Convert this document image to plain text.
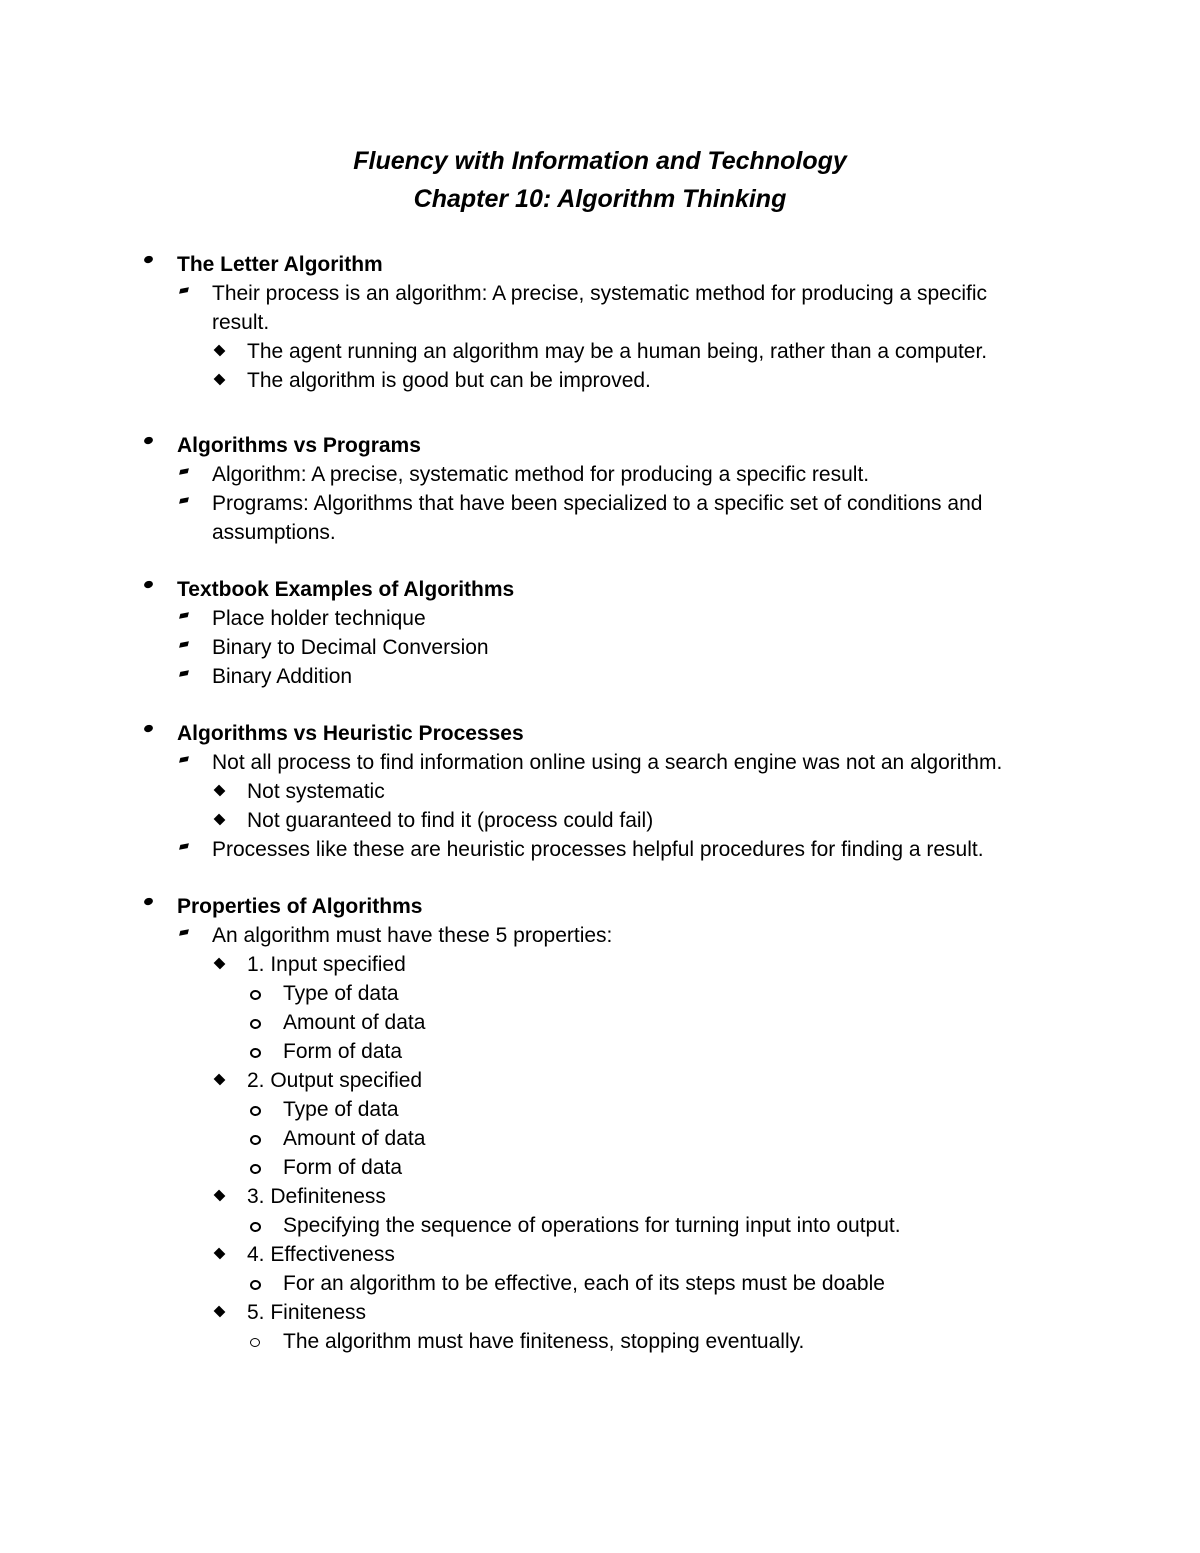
Fluency with Information and Technology
Chapter 10: Algorithm Thinking
The Letter Algorithm
Their process is an algorithm: A precise, systematic method for producing a specific result.
The agent running an algorithm may be a human being, rather than a computer.
The algorithm is good but can be improved.
Algorithms vs Programs
Algorithm: A precise, systematic method for producing a specific result.
Programs: Algorithms that have been specialized to a specific set of conditions and assumptions.
Textbook Examples of Algorithms
Place holder technique
Binary to Decimal Conversion
Binary Addition
Algorithms vs Heuristic Processes
Not all process to find information online using a search engine was not an algorithm.
Not systematic
Not guaranteed to find it (process could fail)
Processes like these are heuristic processes helpful procedures for finding a result.
Properties of Algorithms
An algorithm must have these 5 properties:
1. Input specified
Type of data
Amount of data
Form of data
2. Output specified
Type of data
Amount of data
Form of data
3. Definiteness
Specifying the sequence of operations for turning input into output.
4. Effectiveness
For an algorithm to be effective, each of its steps must be doable
5. Finiteness
The algorithm must have finiteness, stopping eventually.
